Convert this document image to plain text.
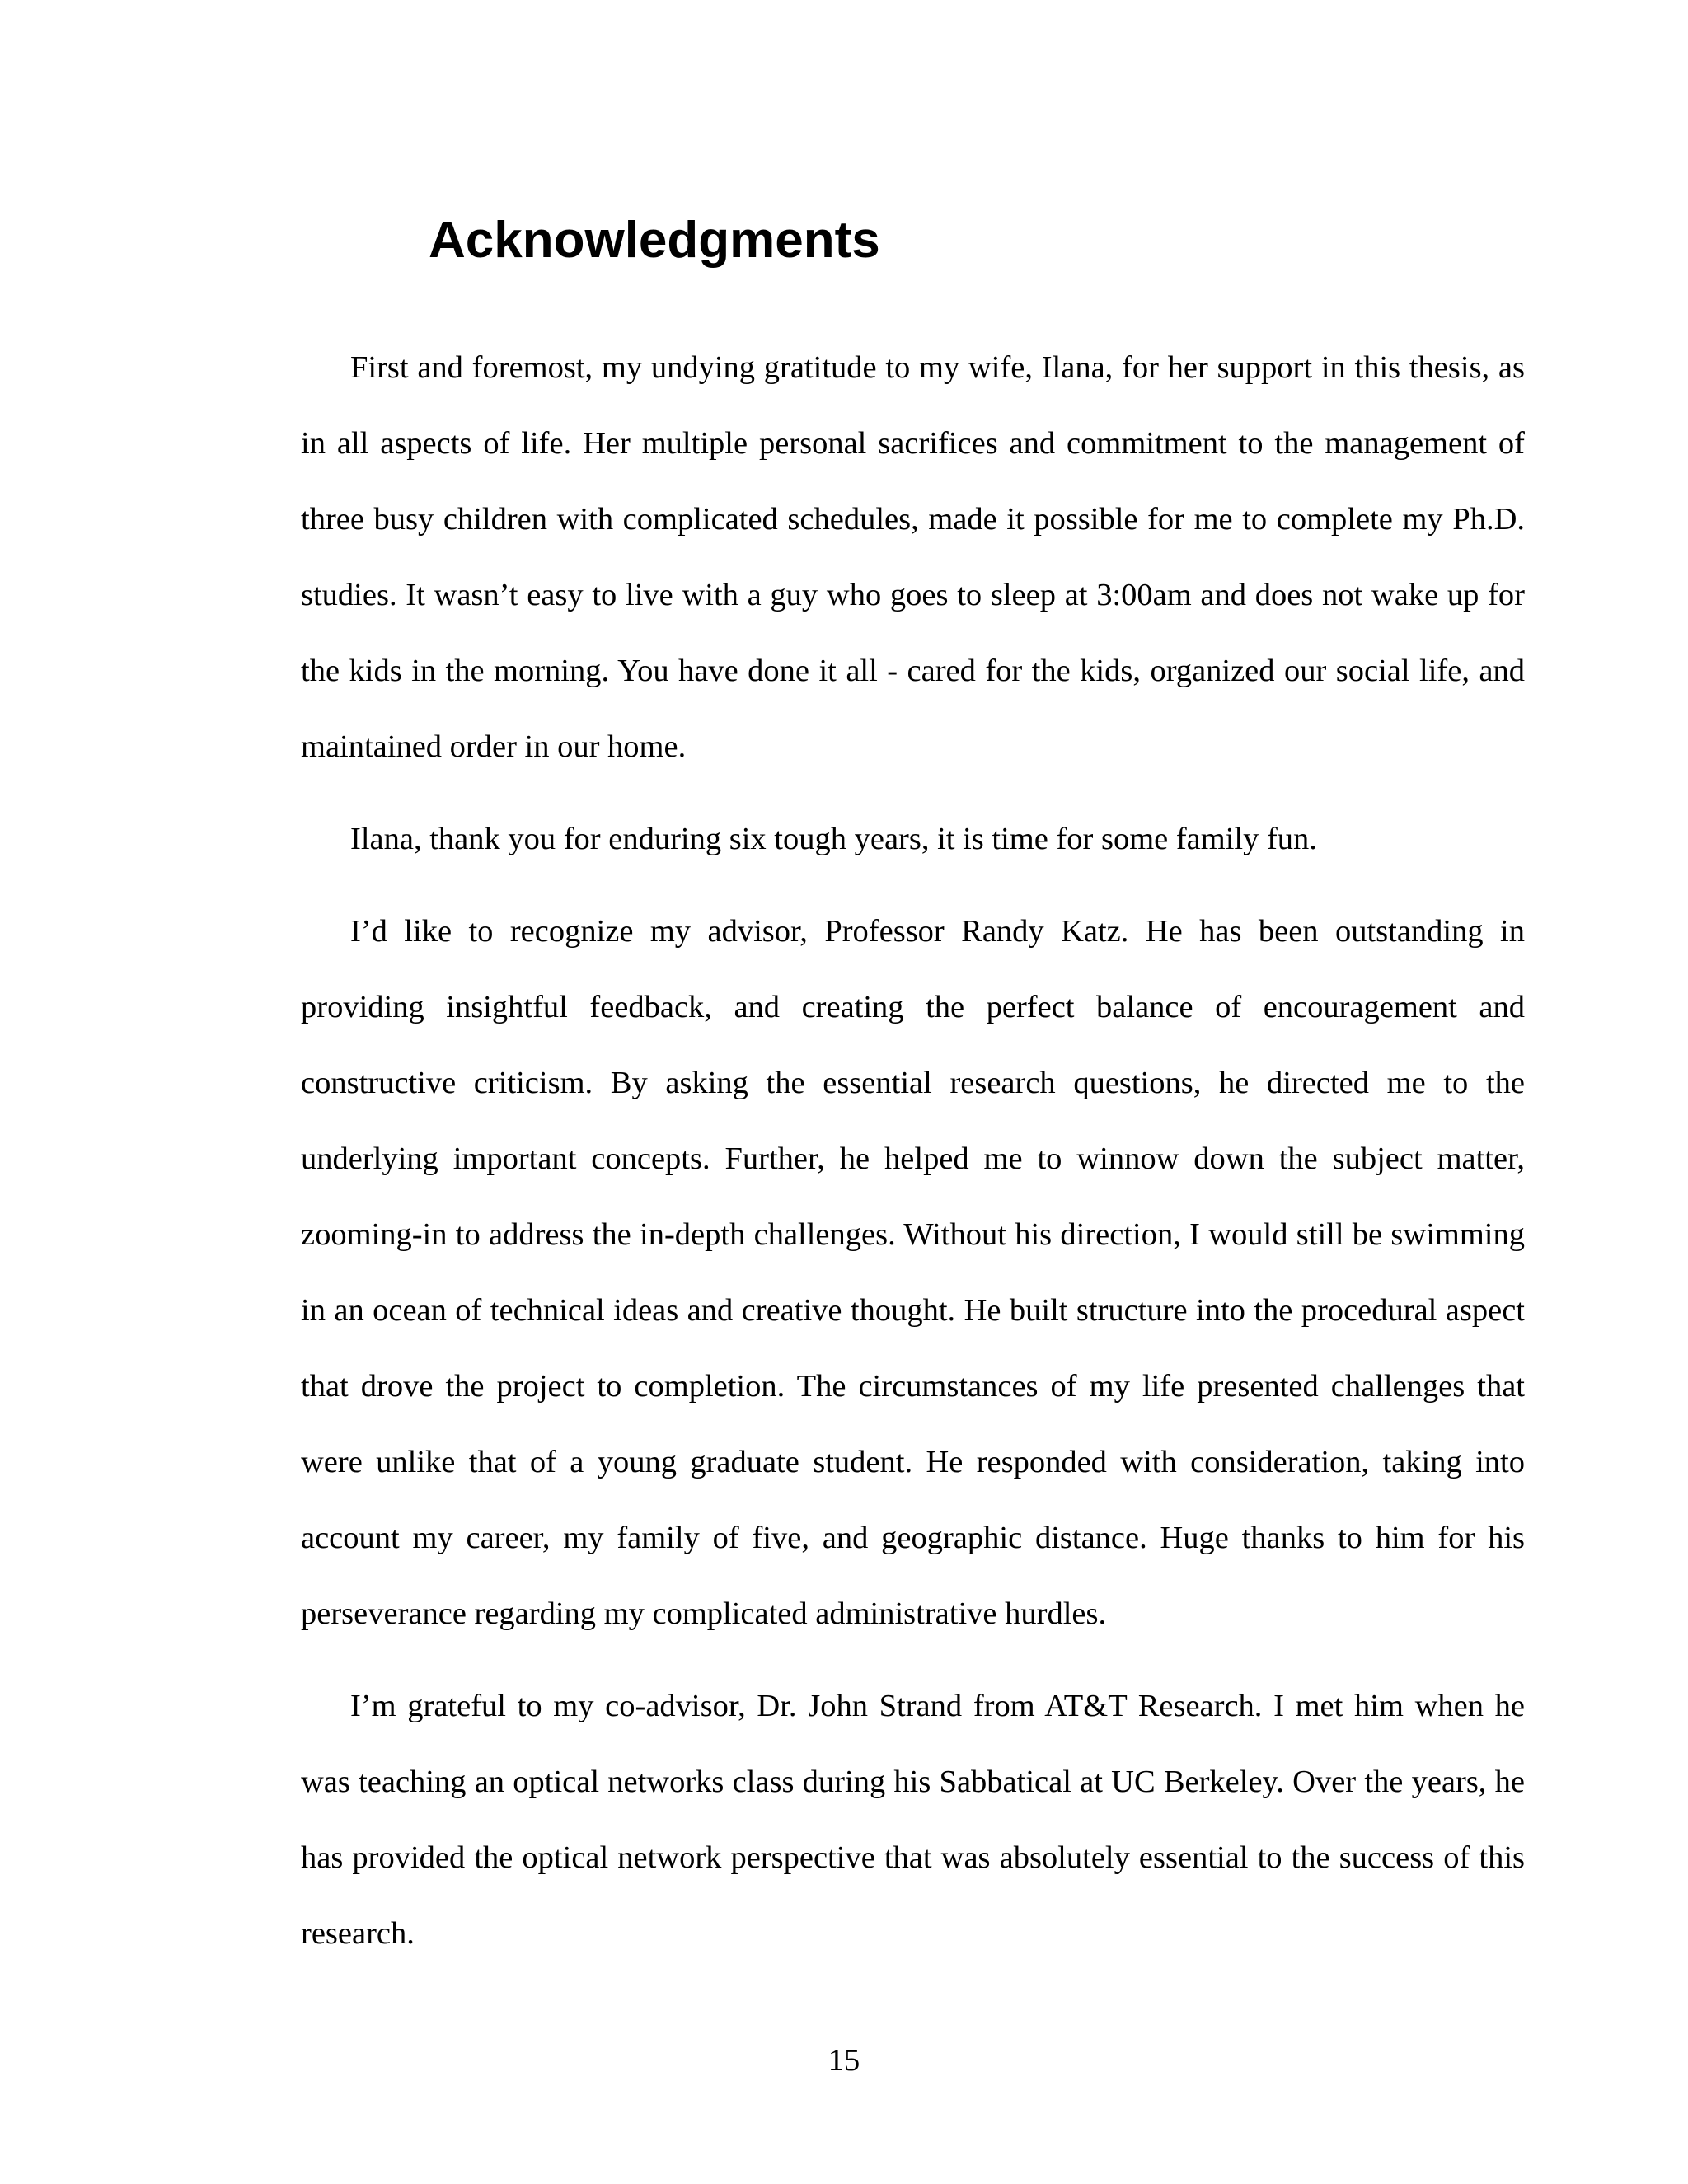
Acknowledgments

First and foremost, my undying gratitude to my wife, Ilana, for her support in this thesis, as in all aspects of life. Her multiple personal sacrifices and commitment to the management of three busy children with complicated schedules, made it possible for me to complete my Ph.D. studies. It wasn’t easy to live with a guy who goes to sleep at 3:00am and does not wake up for the kids in the morning. You have done it all - cared for the kids, organized our social life, and maintained order in our home.

Ilana, thank you for enduring six tough years, it is time for some family fun.

I’d like to recognize my advisor, Professor Randy Katz. He has been outstanding in providing insightful feedback, and creating the perfect balance of encouragement and constructive criticism. By asking the essential research questions, he directed me to the underlying important concepts. Further, he helped me to winnow down the subject matter, zooming-in to address the in-depth challenges. Without his direction, I would still be swimming in an ocean of technical ideas and creative thought. He built structure into the procedural aspect that drove the project to completion. The circumstances of my life presented challenges that were unlike that of a young graduate student. He responded with consideration, taking into account my career, my family of five, and geographic distance. Huge thanks to him for his perseverance regarding my complicated administrative hurdles.

I’m grateful to my co-advisor, Dr. John Strand from AT&T Research. I met him when he was teaching an optical networks class during his Sabbatical at UC Berkeley. Over the years, he has provided the optical network perspective that was absolutely essential to the success of this research.

15
